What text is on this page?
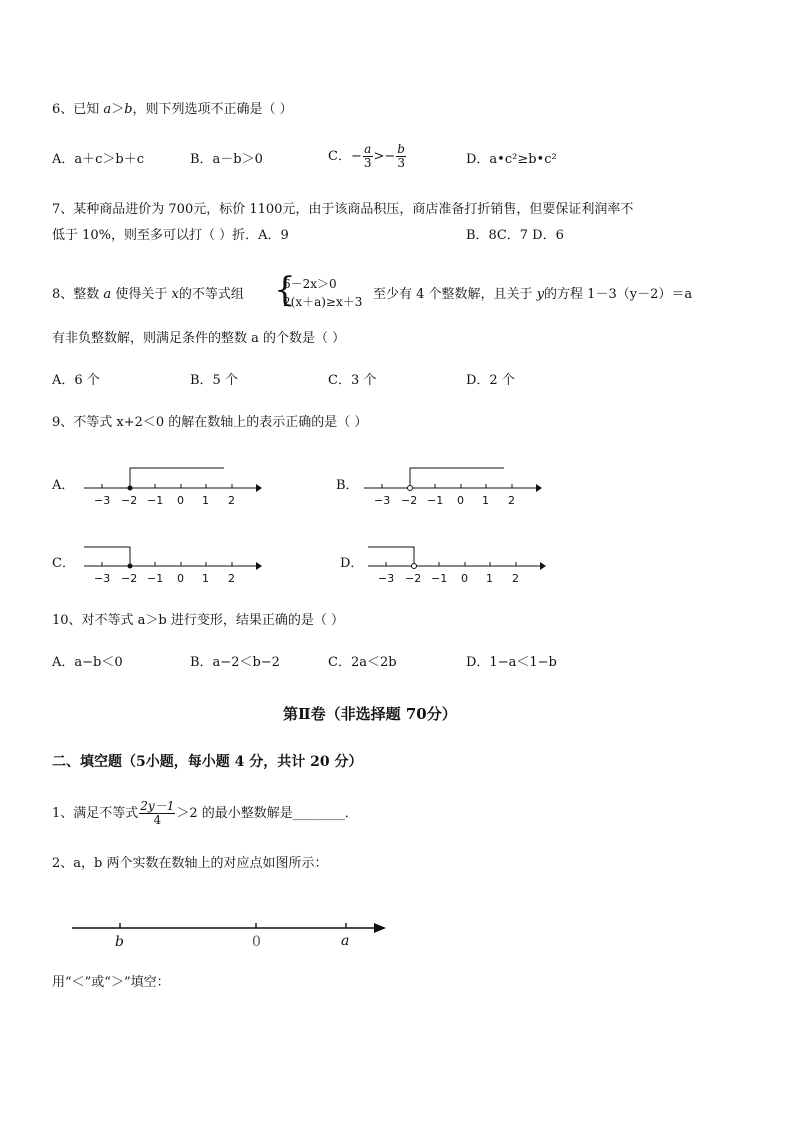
6、已知 a＞b，则下列选项不正确是（ ）
A．a＋c＞b＋c	B．a－b＞0	C．− $\frac{a}{3} >- \frac{b}{3}$	D．a•c²≥b•c²
7、某种商品进价为 700元，标价 1100元，由于该商品积压，商店准备打折销售，但要保证利润率不
低于 10%，则至多可以打（ ）折．A．9	B．8C．7 D．6
8、整数 a 使得关于 x的不等式组 {
6－2x＞0
2(x＋a)≥x＋3 至少有 4 个整数解，且关于 y的方程 1－3（y－2）＝a
有非负整数解，则满足条件的整数 a 的个数是（ ）
A．6 个	B．5 个	C．3 个	D．2 个
9、不等式 x+2＜0 的解在数轴上的表示正确的是（ ）
A．	B．
C．	D．
−3 −2 −1 0 1 2	−3 −2 −1 0 1 2
−3 −2 −1 0 1 2	−3 −2 −1 0 1 2
10、对不等式 a＞b 进行变形，结果正确的是（ ）
A．a−b＜0	B．a−2＜b−2	C．2a＜2b	D．1−a＜1−b
第Ⅱ卷（非选择题 70分）
二、填空题（5小题，每小题 4 分，共计 20 分）
1、满足不等式 $\frac{2y-1}{4} >2$ 的最小整数解是________．
2、a，b 两个实数在数轴上的对应点如图所示：
b	0	a
用“＜”或“＞”填空：
